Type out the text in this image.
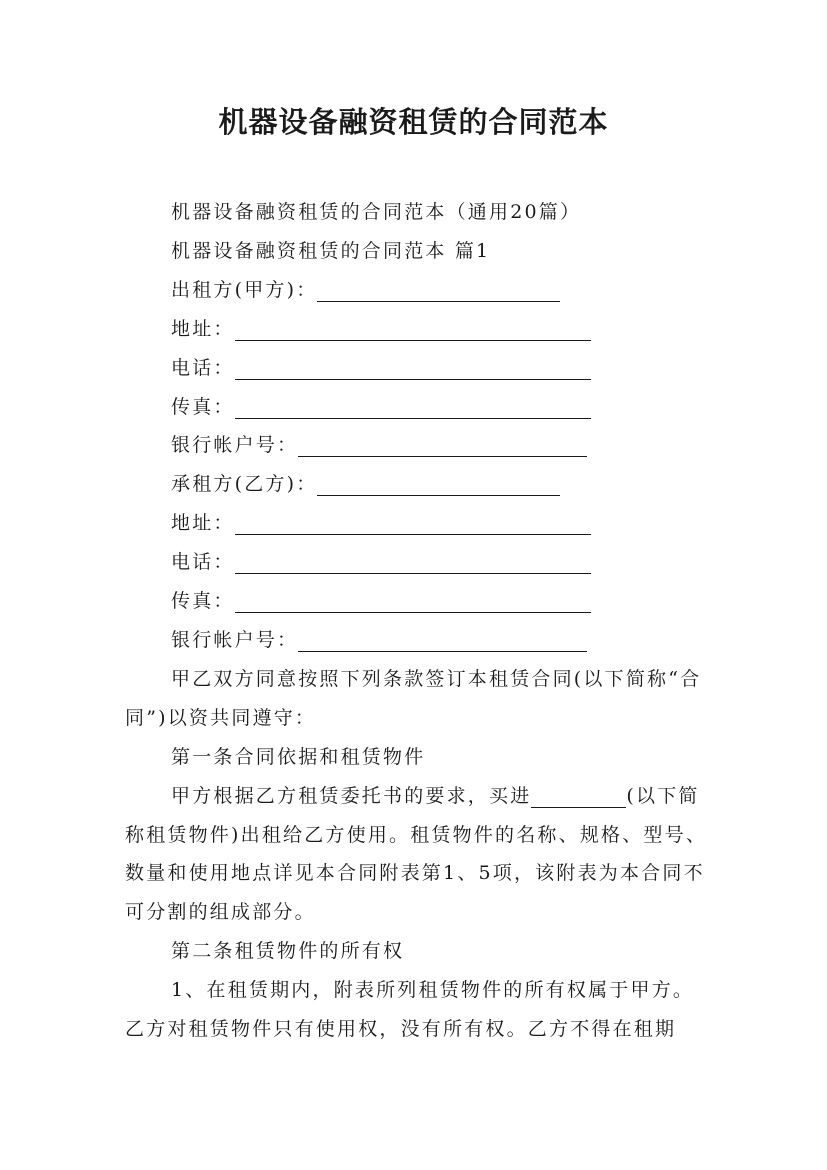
机器设备融资租赁的合同范本
机器设备融资租赁的合同范本（通用20篇）
机器设备融资租赁的合同范本 篇1
出租方(甲方)：
地址：
电话：
传真：
银行帐户号：
承租方(乙方)：
地址：
电话：
传真：
银行帐户号：
甲乙双方同意按照下列条款签订本租赁合同(以下简称“合同”)以资共同遵守：
第一条合同依据和租赁物件
甲方根据乙方租赁委托书的要求，买进	(以下简称租赁物件)出租给乙方使用。租赁物件的名称、规格、型号、数量和使用地点详见本合同附表第1、5项，该附表为本合同不可分割的组成部分。
第二条租赁物件的所有权
1、在租赁期内，附表所列租赁物件的所有权属于甲方。乙方对租赁物件只有使用权，没有所有权。乙方不得在租期
